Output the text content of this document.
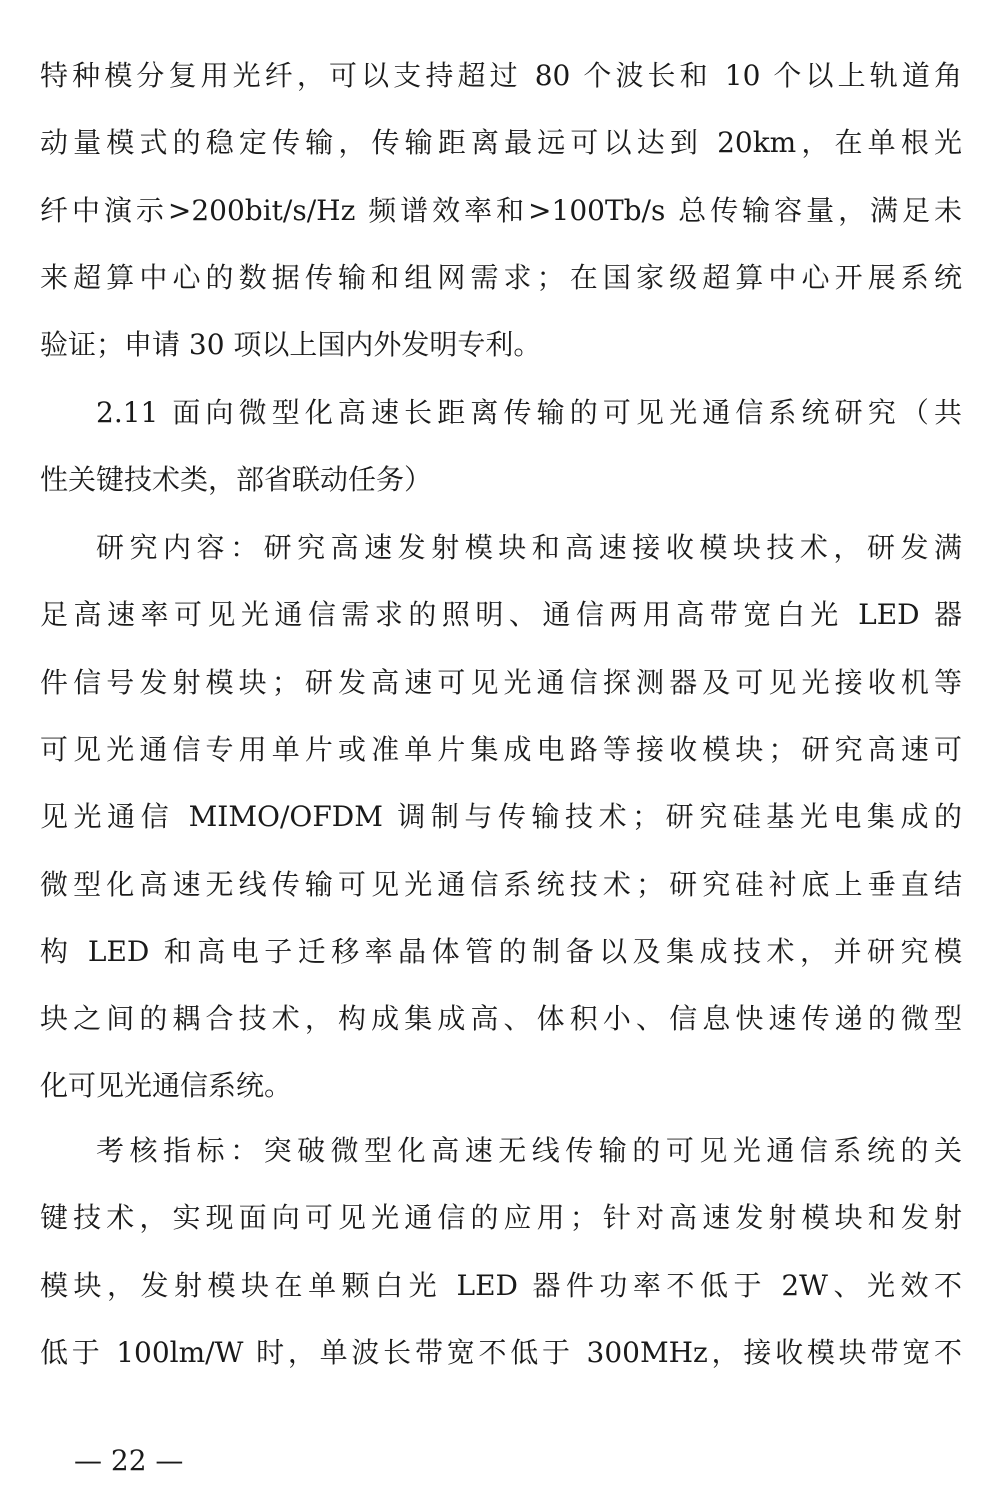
特种模分复用光纤，可以支持超过 80 个波长和 10 个以上轨道角
动量模式的稳定传输，传输距离最远可以达到 20km，在单根光
纤中演示>200bit/s/Hz 频谱效率和>100Tb/s 总传输容量，满足未
来超算中心的数据传输和组网需求；在国家级超算中心开展系统
验证；申请 30 项以上国内外发明专利。
2.11 面向微型化高速长距离传输的可见光通信系统研究（共
性关键技术类，部省联动任务）
研究内容：研究高速发射模块和高速接收模块技术，研发满
足高速率可见光通信需求的照明、通信两用高带宽白光 LED 器
件信号发射模块；研发高速可见光通信探测器及可见光接收机等
可见光通信专用单片或准单片集成电路等接收模块；研究高速可
见光通信 MIMO/OFDM 调制与传输技术；研究硅基光电集成的
微型化高速无线传输可见光通信系统技术；研究硅衬底上垂直结
构 LED 和高电子迁移率晶体管的制备以及集成技术，并研究模
块之间的耦合技术，构成集成高、体积小、信息快速传递的微型
化可见光通信系统。
考核指标：突破微型化高速无线传输的可见光通信系统的关
键技术，实现面向可见光通信的应用；针对高速发射模块和发射
模块，发射模块在单颗白光 LED 器件功率不低于 2W、光效不
低于 100lm/W 时，单波长带宽不低于 300MHz，接收模块带宽不
— 22 —
